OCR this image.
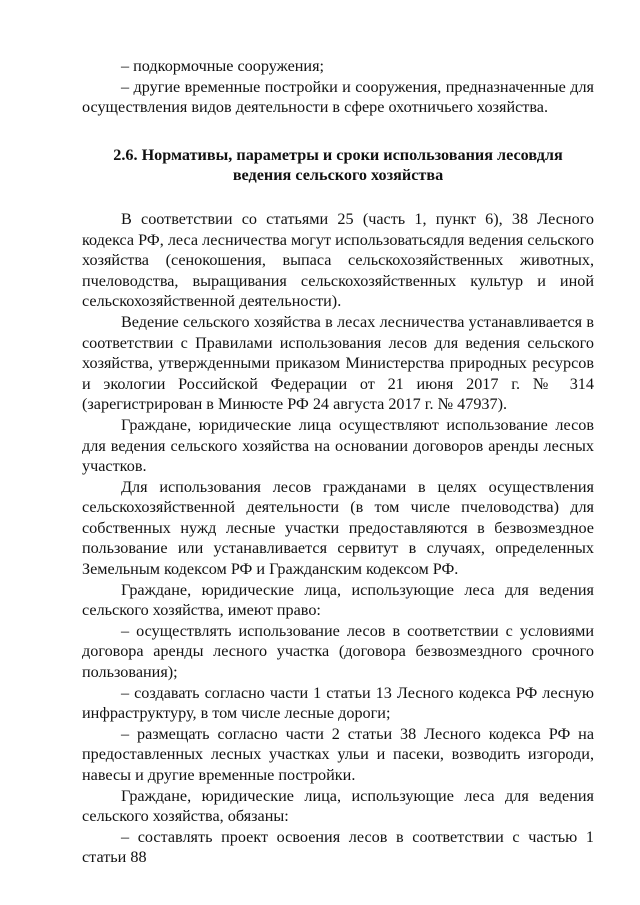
– подкормочные сооружения;

– другие временные постройки и сооружения, предназначенные для осуществления видов деятельности в сфере охотничьего хозяйства.

2.6. Нормативы, параметры и сроки использования лесовдля ведения сельского хозяйства

В соответствии со статьями 25 (часть 1, пункт 6), 38 Лесного кодекса РФ, леса лесничества могут использоватьсядля ведения сельского хозяйства (сенокошения, выпаса сельскохозяйственных животных, пчеловодства, выращивания сельскохозяйственных культур и иной сельскохозяйственной деятельности).

Ведение сельского хозяйства в лесах лесничества устанавливается в соответствии с Правилами использования лесов для ведения сельского хозяйства, утвержденными приказом Министерства природных ресурсов и экологии Российской Федерации от 21 июня 2017 г. № 314 (зарегистрирован в Минюсте РФ 24 августа 2017 г. № 47937).

Граждане, юридические лица осуществляют использование лесов для ведения сельского хозяйства на основании договоров аренды лесных участков.

Для использования лесов гражданами в целях осуществления сельскохозяйственной деятельности (в том числе пчеловодства) для собственных нужд лесные участки предоставляются в безвозмездное пользование или устанавливается сервитут в случаях, определенных Земельным кодексом РФ и Гражданским кодексом РФ.

Граждане, юридические лица, использующие леса для ведения сельского хозяйства, имеют право:

– осуществлять использование лесов в соответствии с условиями договора аренды лесного участка (договора безвозмездного срочного пользования);

– создавать согласно части 1 статьи 13 Лесного кодекса РФ лесную инфраструктуру, в том числе лесные дороги;

– размещать согласно части 2 статьи 38 Лесного кодекса РФ на предоставленных лесных участках ульи и пасеки, возводить изгороди, навесы и другие временные постройки.

Граждане, юридические лица, использующие леса для ведения сельского хозяйства, обязаны:

– составлять проект освоения лесов в соответствии с частью 1 статьи 88
